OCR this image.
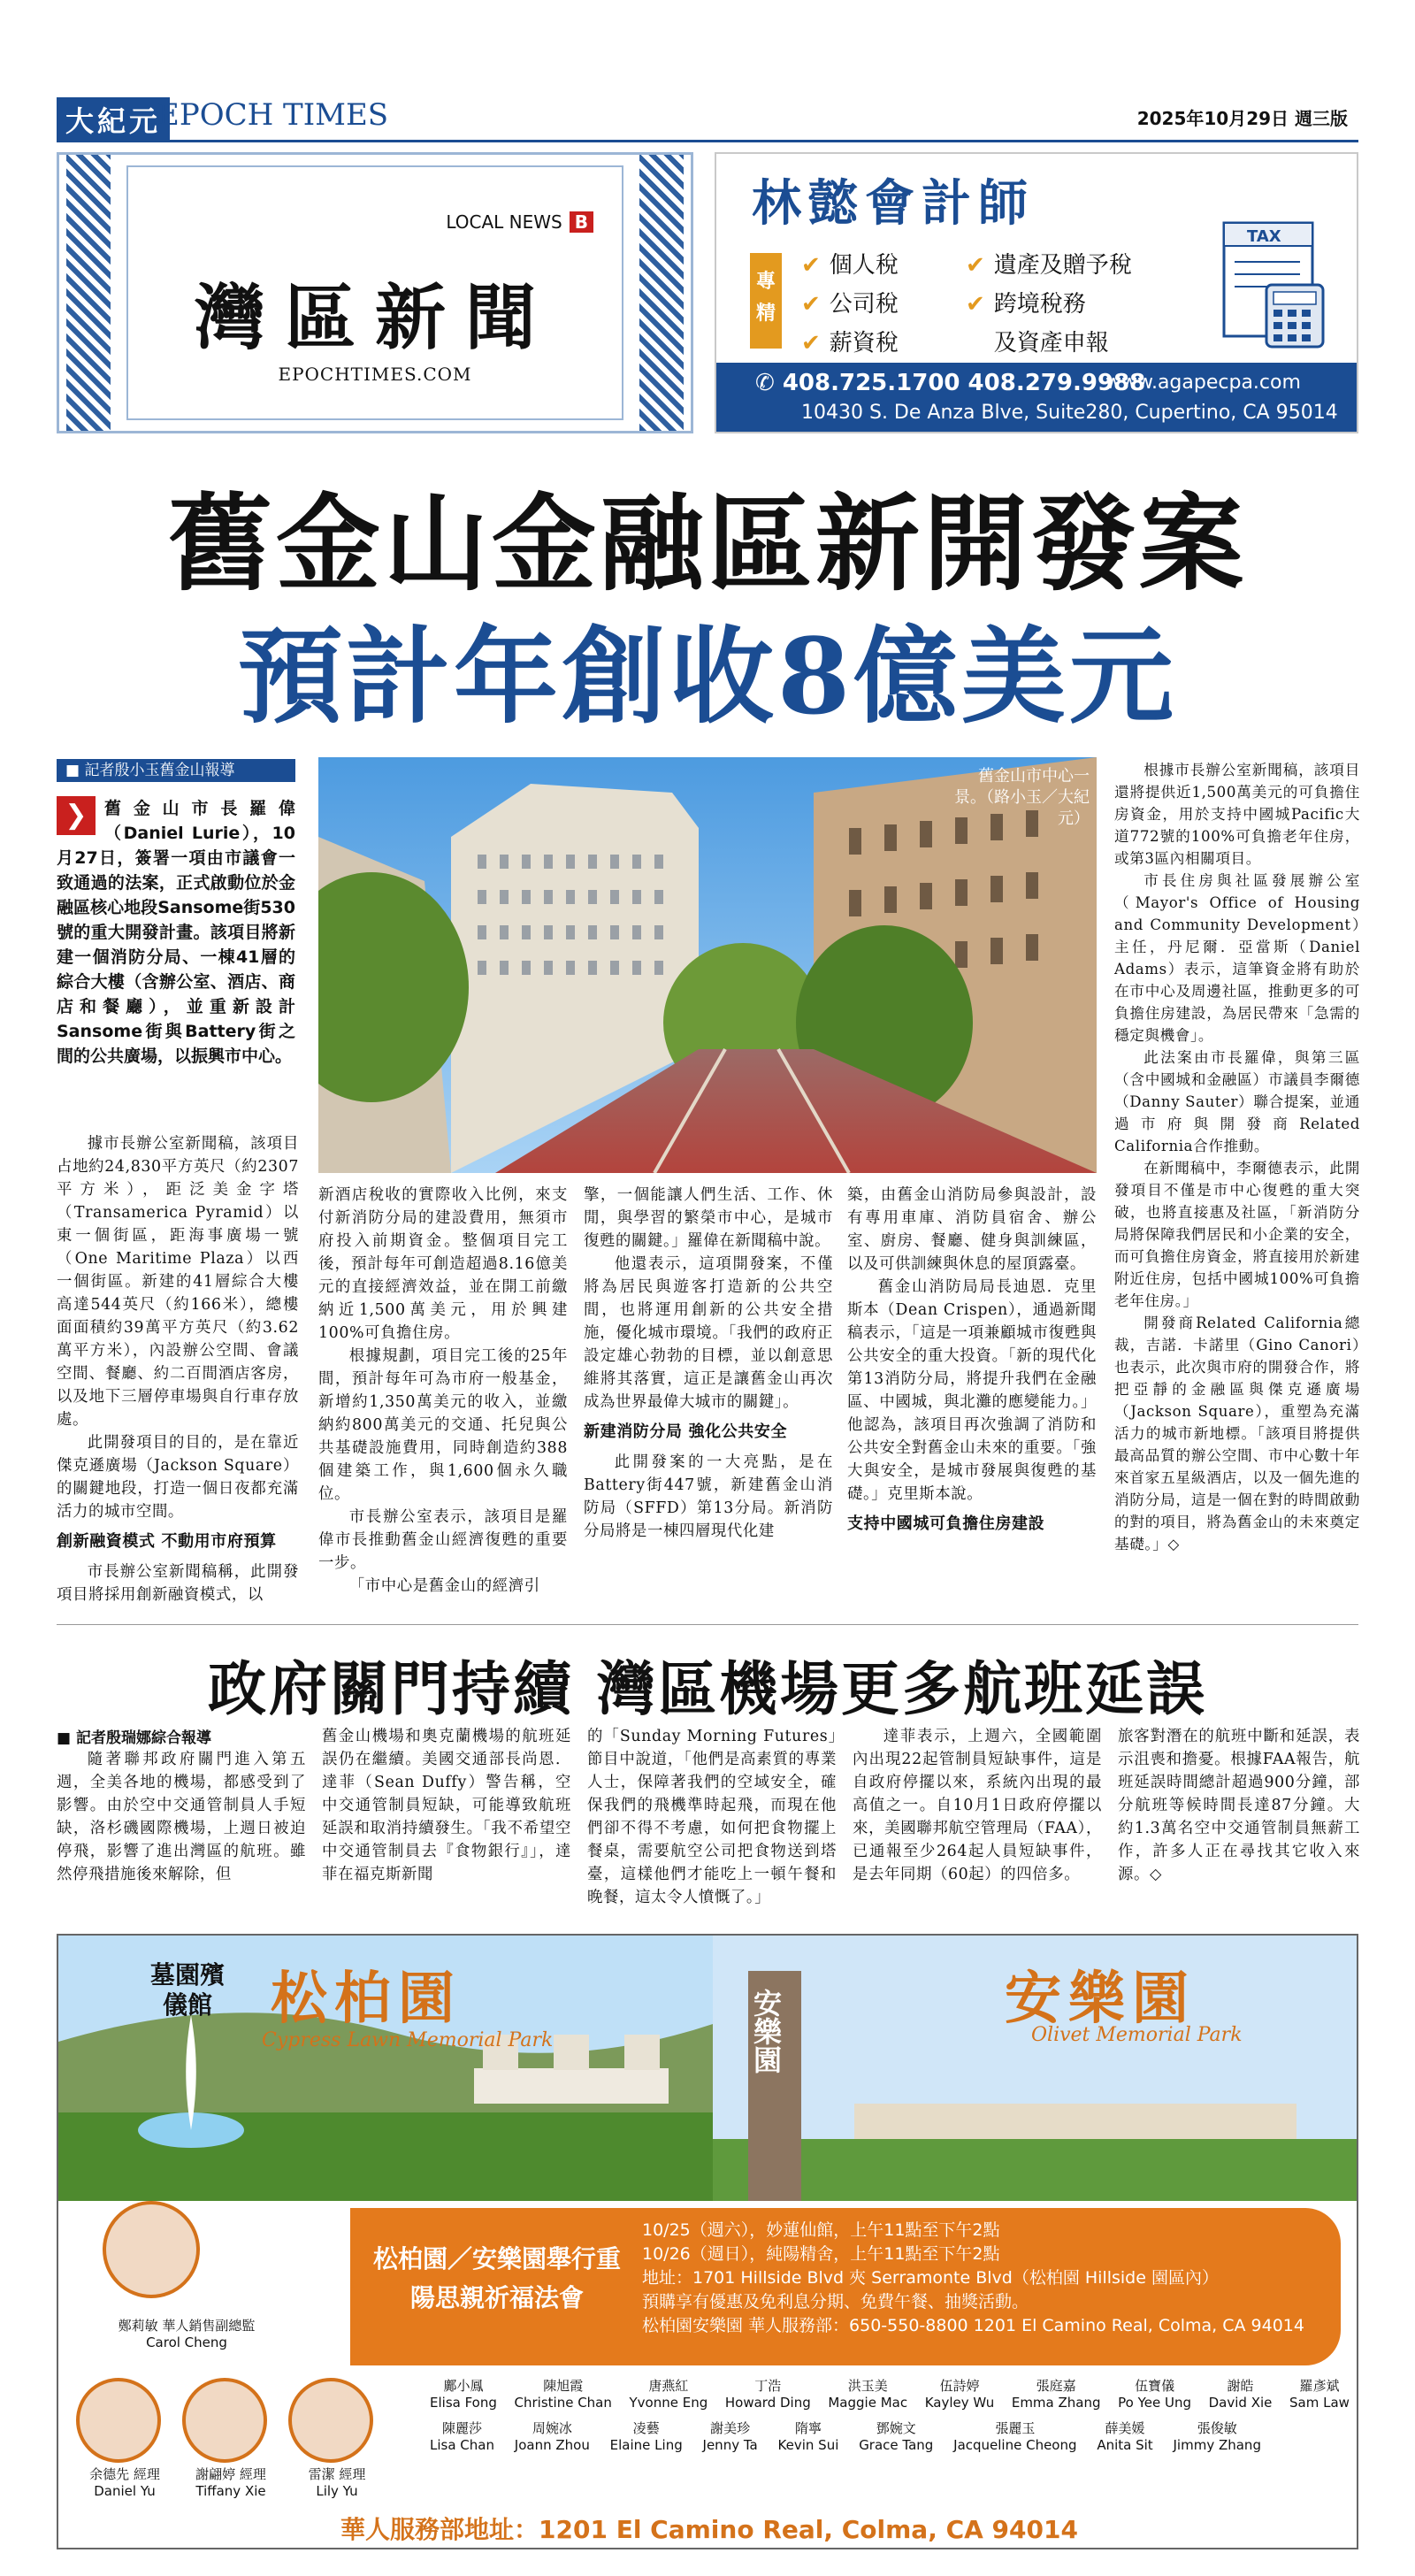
大紀元
EPOCH TIMES	2025年10月29日 週三版
LOCAL NEWS B
灣區新聞
EPOCHTIMES.COM
林懿會計師
專精
✔ 個人稅
✔ 公司稅
✔ 薪資稅
✔ 遺產及贈予稅
✔ 跨境稅務
及資產申報
TAX
✆ 408.725.1700 408.279.9988
www.agapecpa.com
10430 S. De Anza Blve, Suite280, Cupertino, CA 95014
舊金山金融區新開發案
預計年創收8億美元
■ 記者殷小玉舊金山報導
❯	舊金山市長羅偉（Daniel Lurie），10月27日，簽署一項由市議會一致通過的法案，正式啟動位於金融區核心地段Sansome街530號的重大開發計畫。該項目將新建一個消防分局、一棟41層的綜合大樓（含辦公室、酒店、商店和餐廳），並重新設計Sansome街與Battery街之間的公共廣場，以振興市中心。
舊金山市中心一景。（路小玉／大紀元）

據市長辦公室新聞稿，該項目占地約24,830平方英尺（約2307平方米），距泛美金字塔（Transamerica Pyramid）以東一個街區，距海事廣場一號（One Maritime Plaza）以西一個街區。新建的41層綜合大樓高達544英尺（約166米），總樓面面積約39萬平方英尺（約3.62萬平方米），內設辦公空間、會議空間、餐廳、約二百間酒店客房，以及地下三層停車場與自行車存放處。

此開發項目的目的，是在靠近傑克遜廣場（Jackson Square）的關鍵地段，打造一個日夜都充滿活力的城市空間。

創新融資模式 不動用市府預算

市長辦公室新聞稿稱，此開發項目將採用創新融資模式，以

新酒店稅收的實際收入比例，來支付新消防分局的建設費用，無須市府投入前期資金。整個項目完工後，預計每年可創造超過8.16億美元的直接經濟效益，並在開工前繳納近1,500萬美元，用於興建100%可負擔住房。

根據規劃，項目完工後的25年間，預計每年可為市府一般基金，新增約1,350萬美元的收入，並繳納約800萬美元的交通、托兒與公共基礎設施費用，同時創造約388個建築工作，與1,600個永久職位。

市長辦公室表示，該項目是羅偉市長推動舊金山經濟復甦的重要一步。

「市中心是舊金山的經濟引

擎，一個能讓人們生活、工作、休閒，與學習的繁榮市中心，是城市復甦的關鍵。」羅偉在新聞稿中說。

他還表示，這項開發案，不僅將為居民與遊客打造新的公共空間，也將運用創新的公共安全措施，優化城市環境。「我們的政府正設定雄心勃勃的目標，並以創意思維將其落實，這正是讓舊金山再次成為世界最偉大城市的關鍵」。

新建消防分局 強化公共安全

此開發案的一大亮點，是在Battery街447號，新建舊金山消防局（SFFD）第13分局。新消防分局將是一棟四層現代化建

築，由舊金山消防局參與設計，設有專用車庫、消防員宿舍、辦公室、廚房、餐廳、健身與訓練區，以及可供訓練與休息的屋頂露臺。

舊金山消防局局長迪恩．克里斯本（Dean Crispen），通過新聞稿表示，「這是一項兼顧城市復甦與公共安全的重大投資。「新的現代化第13消防分局，將提升我們在金融區、中國城，與北灘的應變能力。」他認為，該項目再次強調了消防和公共安全對舊金山未來的重要。「強大與安全，是城市發展與復甦的基礎。」克里斯本說。

支持中國城可負擔住房建設

根據市長辦公室新聞稿，該項目還將提供近1,500萬美元的可負擔住房資金，用於支持中國城Pacific大道772號的100%可負擔老年住房，或第3區內相關項目。

市長住房與社區發展辦公室（Mayor's Office of Housing and Community Development）主任，丹尼爾．亞當斯（Daniel Adams）表示，這筆資金將有助於在市中心及周邊社區，推動更多的可負擔住房建設，為居民帶來「急需的穩定與機會」。

此法案由市長羅偉，與第三區（含中國城和金融區）市議員李爾德（Danny Sauter）聯合提案，並通過市府與開發商Related California合作推動。

在新聞稿中，李爾德表示，此開發項目不僅是市中心復甦的重大突破，也將直接惠及社區，「新消防分局將保障我們居民和小企業的安全，而可負擔住房資金，將直接用於新建附近住房，包括中國城100%可負擔老年住房。」

開發商Related California總裁，吉諾．卡諾里（Gino Canori）也表示，此次與市府的開發合作，將把亞靜的金融區與傑克遜廣場（Jackson Square），重塑為充滿活力的城市新地標。「該項目將提供最高品質的辦公空間、市中心數十年來首家五星級酒店，以及一個先進的消防分局，這是一個在對的時間啟動的對的項目，將為舊金山的未來奠定基礎。」◇

政府關門持續 灣區機場更多航班延誤
■ 記者殷瑞娜綜合報導

隨著聯邦政府關門進入第五週，全美各地的機場，都感受到了影響。由於空中交通管制員人手短缺，洛杉磯國際機場，上週日被迫停飛，影響了進出灣區的航班。雖然停飛措施後來解除，但

舊金山機場和奧克蘭機場的航班延誤仍在繼續。美國交通部長尚恩．達菲（Sean Duffy）警告稱，空中交通管制員短缺，可能導致航班延誤和取消持續發生。「我不希望空中交通管制員去『食物銀行』」，達菲在福克斯新聞

的「Sunday Morning Futures」節目中說道，「他們是高素質的專業人士，保障著我們的空域安全，確保我們的飛機準時起飛，而現在他們卻不得不考慮，如何把食物擺上餐桌，需要航空公司把食物送到塔臺，這樣他們才能吃上一頓午餐和晚餐，這太令人憤慨了。」

達菲表示，上週六，全國範圍內出現22起管制員短缺事件，這是自政府停擺以來，系統內出現的最高值之一。自10月1日政府停擺以來，美國聯邦航空管理局（FAA），已通報至少264起人員短缺事件，是去年同期（60起）的四倍多。

旅客對潛在的航班中斷和延誤，表示沮喪和擔憂。根據FAA報告，航班延誤時間總計超過900分鐘，部分航班等候時間長達87分鐘。大約1.3萬名空中交通管制員無薪工作，許多人正在尋找其它收入來源。◇

墓園殯儀館	松柏園
Cypress Lawn Memorial Park
安樂園
Olivet Memorial Park
安樂園
松柏園／安樂園舉行重陽思親祈福法會
10/25（週六），妙蓮仙館，上午11點至下午2點
10/26（週日），純陽精舍，上午11點至下午2點
地址：1701 Hillside Blvd 夾 Serramonte Blvd（松柏園 Hillside 園區內）
預購享有優惠及免利息分期、免費午餐、抽獎活動。
松柏園安樂園 華人服務部：650-550-8800 1201 El Camino Real, Colma, CA 94014
鄭莉敏 華人銷售副總監
Carol Cheng
余德先 經理
Daniel Yu
謝翩婷 經理
Tiffany Xie
雷潔 經理
Lily Yu
鄺小鳳
Elisa Fong
陳旭霞
Christine Chan
唐燕紅
Yvonne Eng
丁浩
Howard Ding
洪玉美
Maggie Mac
伍詩婷
Kayley Wu
張庭嘉
Emma Zhang
伍寶儀
Po Yee Ung
謝皓
David Xie
羅彥斌
Sam Law
陳麗莎
Lisa Chan
周婉冰
Joann Zhou
凌藝
Elaine Ling
謝美珍
Jenny Ta
隋寧
Kevin Sui
鄧婉文
Grace Tang
張麗玉
Jacqueline Cheong
薛美媛
Anita Sit
張俊敏
Jimmy Zhang
華人服務部地址：1201 El Camino Real, Colma, CA 94014
